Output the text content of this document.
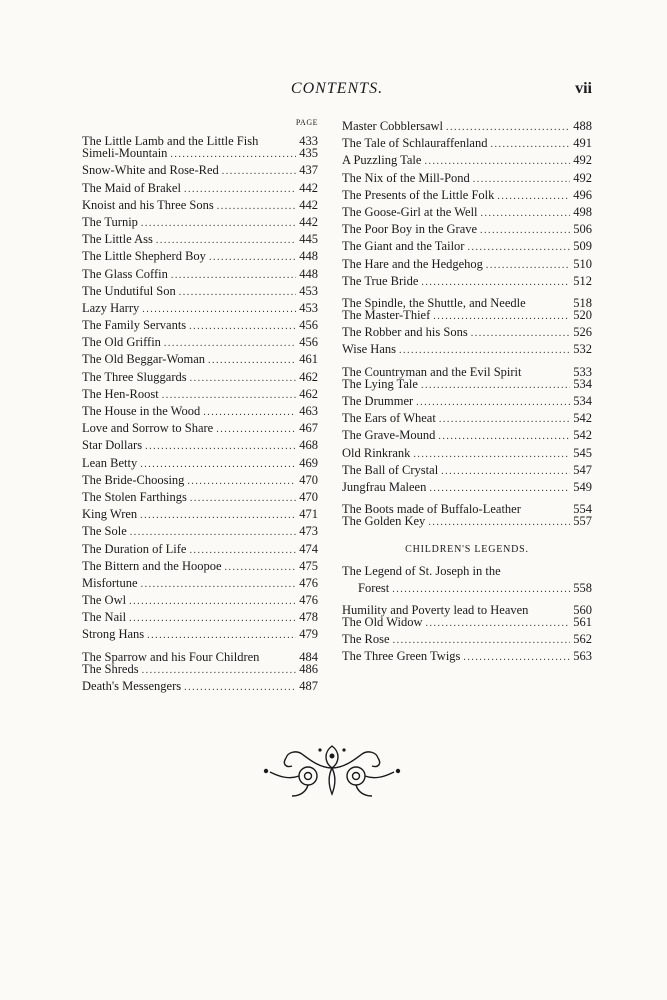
CONTENTS.	vii
PAGE
The Little Lamb and the Little Fish	433
Simeli-Mountain .....	435
Snow-White and Rose-Red .....	437
The Maid of Brakel .....	442
Knoist and his Three Sons .....	442
The Turnip .....	442
The Little Ass .....	445
The Little Shepherd Boy .....	448
The Glass Coffin .....	448
The Undutiful Son .....	453
Lazy Harry .....	453
The Family Servants .....	456
The Old Griffin .....	456
The Old Beggar-Woman .....	461
The Three Sluggards .....	462
The Hen-Roost .....	462
The House in the Wood .....	463
Love and Sorrow to Share .....	467
Star Dollars .....	468
Lean Betty .....	469
The Bride-Choosing .....	470
The Stolen Farthings .....	470
King Wren .....	471
The Sole .....	473
The Duration of Life .....	474
The Bittern and the Hoopoe .....	475
Misfortune .....	476
The Owl .....	476
The Nail .....	478
Strong Hans .....	479
The Sparrow and his Four Children	484
The Shreds .....	486
Death's Messengers .....	487
Master Cobblersawl .....	488
The Tale of Schlauraffenland .....	491
A Puzzling Tale .....	492
The Nix of the Mill-Pond .....	492
The Presents of the Little Folk .....	496
The Goose-Girl at the Well .....	498
The Poor Boy in the Grave .....	506
The Giant and the Tailor .....	509
The Hare and the Hedgehog .....	510
The True Bride .....	512
The Spindle, the Shuttle, and Needle	518
The Master-Thief .....	520
The Robber and his Sons .....	526
Wise Hans .....	532
The Countryman and the Evil Spirit	533
The Lying Tale .....	534
The Drummer .....	534
The Ears of Wheat .....	542
The Grave-Mound .....	542
Old Rinkrank .....	545
The Ball of Crystal .....	547
Jungfrau Maleen .....	549
The Boots made of Buffalo-Leather	554
The Golden Key .....	557
CHILDREN'S LEGENDS.
The Legend of St. Joseph in the
Forest .....	558
Humility and Poverty lead to Heaven	560
The Old Widow .....	561
The Rose .....	562
The Three Green Twigs .....	563
